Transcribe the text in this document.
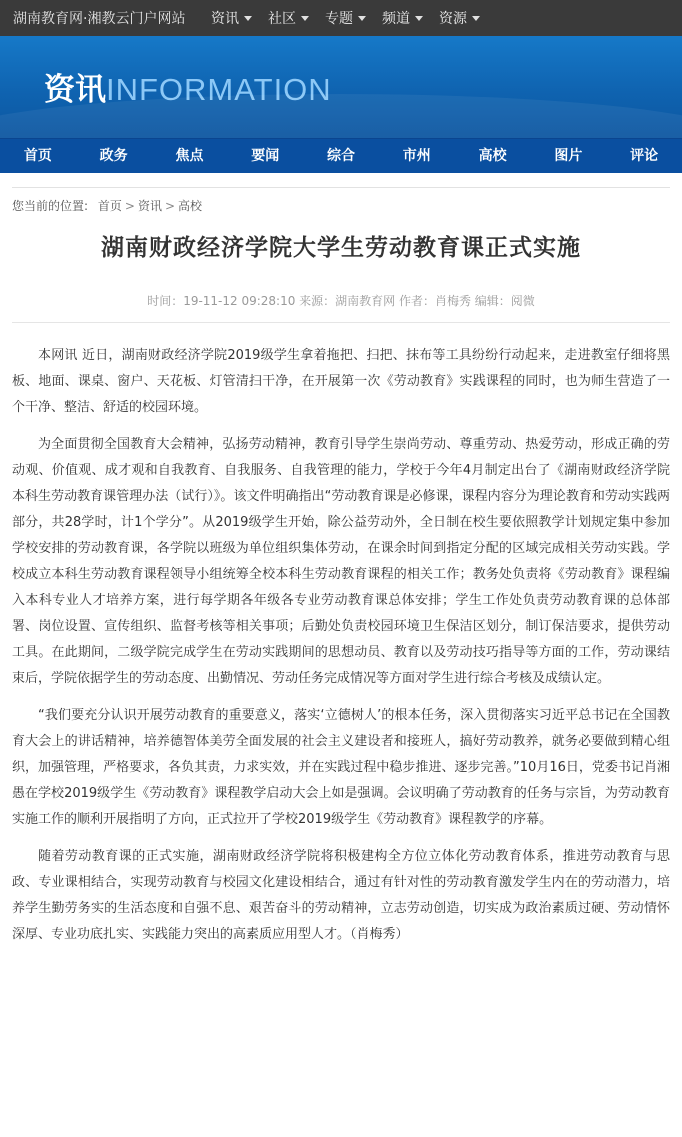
湖南教育网·湘教云门户网站	资讯 社区 专题 频道 资源
资讯INFORMATION
首页	政务	焦点	要闻	综合	市州	高校	图片	评论
您当前的位置: 首页 > 资讯 > 高校
湖南财政经济学院大学生劳动教育课正式实施
时间：19-11-12 09:28:10 来源：湖南教育网 作者：肖梅秀 编辑：阅微

本网讯 近日，湖南财政经济学院2019级学生拿着拖把、扫把、抹布等工具纷纷行动起来，走进教室仔细将黑板、地面、课桌、窗户、天花板、灯管清扫干净，在开展第一次《劳动教育》实践课程的同时，也为师生营造了一个干净、整洁、舒适的校园环境。

为全面贯彻全国教育大会精神，弘扬劳动精神，教育引导学生崇尚劳动、尊重劳动、热爱劳动，形成正确的劳动观、价值观、成才观和自我教育、自我服务、自我管理的能力，学校于今年4月制定出台了《湖南财政经济学院本科生劳动教育课管理办法（试行）》。该文件明确指出“劳动教育课是必修课，课程内容分为理论教育和劳动实践两部分，共28学时，计1个学分”。从2019级学生开始，除公益劳动外，全日制在校生要依照教学计划规定集中参加学校安排的劳动教育课，各学院以班级为单位组织集体劳动，在课余时间到指定分配的区域完成相关劳动实践。学校成立本科生劳动教育课程领导小组统筹全校本科生劳动教育课程的相关工作；教务处负责将《劳动教育》课程编入本科专业人才培养方案，进行每学期各年级各专业劳动教育课总体安排；学生工作处负责劳动教育课的总体部署、岗位设置、宣传组织、监督考核等相关事项；后勤处负责校园环境卫生保洁区划分，制订保洁要求，提供劳动工具。在此期间，二级学院完成学生在劳动实践期间的思想动员、教育以及劳动技巧指导等方面的工作，劳动课结束后，学院依据学生的劳动态度、出勤情况、劳动任务完成情况等方面对学生进行综合考核及成绩认定。

“我们要充分认识开展劳动教育的重要意义，落实‘立德树人’的根本任务，深入贯彻落实习近平总书记在全国教育大会上的讲话精神，培养德智体美劳全面发展的社会主义建设者和接班人，搞好劳动教养，就务必要做到精心组织，加强管理，严格要求，各负其责，力求实效，并在实践过程中稳步推进、逐步完善。”10月16日，党委书记肖湘愚在学校2019级学生《劳动教育》课程教学启动大会上如是强调。会议明确了劳动教育的任务与宗旨，为劳动教育实施工作的顺利开展指明了方向，正式拉开了学校2019级学生《劳动教育》课程教学的序幕。

随着劳动教育课的正式实施，湖南财政经济学院将积极建构全方位立体化劳动教育体系，推进劳动教育与思政、专业课相结合，实现劳动教育与校园文化建设相结合，通过有针对性的劳动教育激发学生内在的劳动潜力，培养学生勤劳务实的生活态度和自强不息、艰苦奋斗的劳动精神，立志劳动创造，切实成为政治素质过硬、劳动情怀深厚、专业功底扎实、实践能力突出的高素质应用型人才。（肖梅秀）
